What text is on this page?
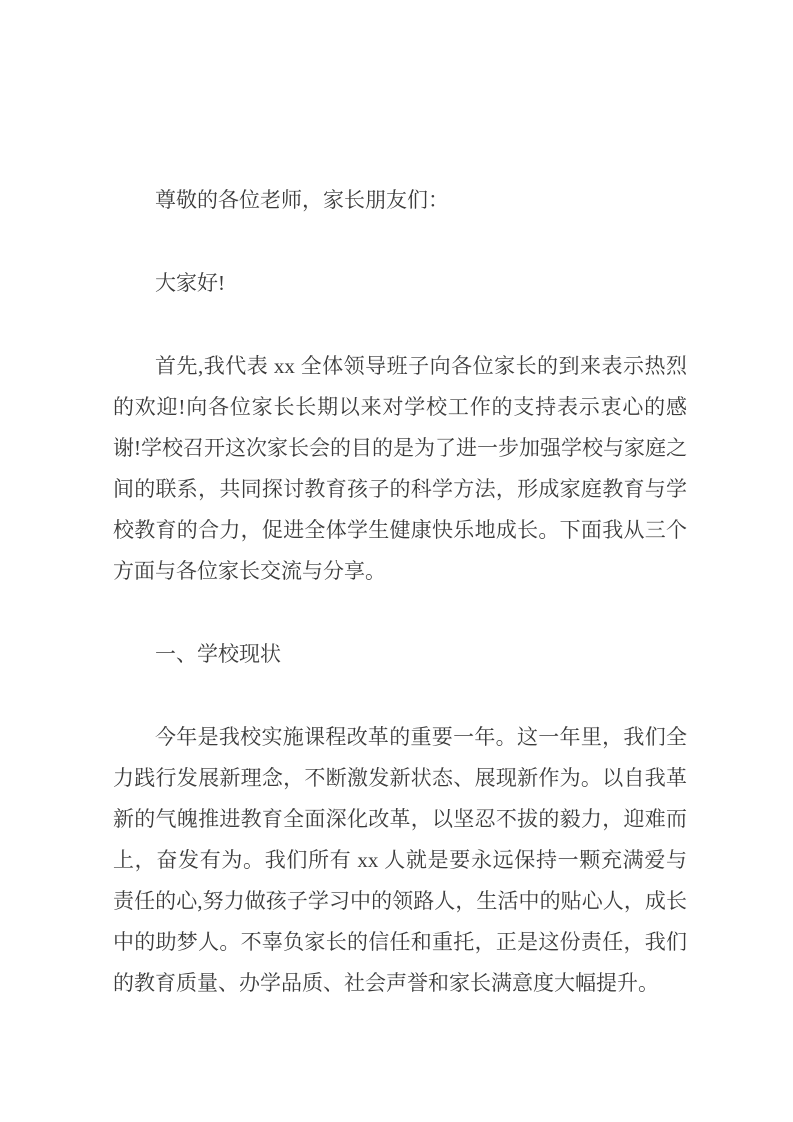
尊敬的各位老师，家长朋友们：

大家好!

首先,我代表 xx 全体领导班子向各位家长的到来表示热烈的欢迎!向各位家长长期以来对学校工作的支持表示衷心的感谢!学校召开这次家长会的目的是为了进一步加强学校与家庭之间的联系，共同探讨教育孩子的科学方法，形成家庭教育与学校教育的合力，促进全体学生健康快乐地成长。下面我从三个方面与各位家长交流与分享。

一、学校现状

今年是我校实施课程改革的重要一年。这一年里，我们全力践行发展新理念，不断激发新状态、展现新作为。以自我革新的气魄推进教育全面深化改革，以坚忍不拔的毅力，迎难而上，奋发有为。我们所有 xx 人就是要永远保持一颗充满爱与责任的心,努力做孩子学习中的领路人，生活中的贴心人，成长中的助梦人。不辜负家长的信任和重托，正是这份责任，我们的教育质量、办学品质、社会声誉和家长满意度大幅提升。
